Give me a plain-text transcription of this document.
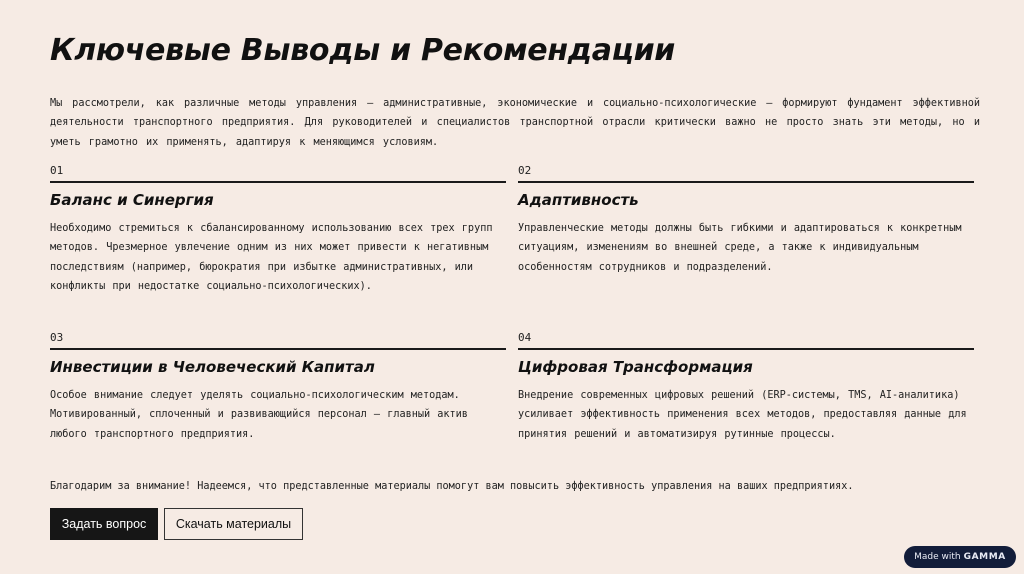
Ключевые Выводы и Рекомендации
Мы рассмотрели, как различные методы управления – административные, экономические и социально-психологические – формируют фундамент эффективной деятельности транспортного предприятия. Для руководителей и специалистов транспортной отрасли критически важно не просто знать эти методы, но и уметь грамотно их применять, адаптируя к меняющимся условиям.
01
Баланс и Синергия
Необходимо стремиться к сбалансированному использованию всех трех групп методов. Чрезмерное увлечение одним из них может привести к негативным последствиям (например, бюрократия при избытке административных, или конфликты при недостатке социально-психологических).
02
Адаптивность
Управленческие методы должны быть гибкими и адаптироваться к конкретным ситуациям, изменениям во внешней среде, а также к индивидуальным особенностям сотрудников и подразделений.
03
Инвестиции в Человеческий Капитал
Особое внимание следует уделять социально-психологическим методам. Мотивированный, сплоченный и развивающийся персонал – главный актив любого транспортного предприятия.
04
Цифровая Трансформация
Внедрение современных цифровых решений (ERP-системы, TMS, AI-аналитика) усиливает эффективность применения всех методов, предоставляя данные для принятия решений и автоматизируя рутинные процессы.
Благодарим за внимание! Надеемся, что представленные материалы помогут вам повысить эффективность управления на ваших предприятиях.
Задать вопрос	Скачать материалы
Made with GAMMA
